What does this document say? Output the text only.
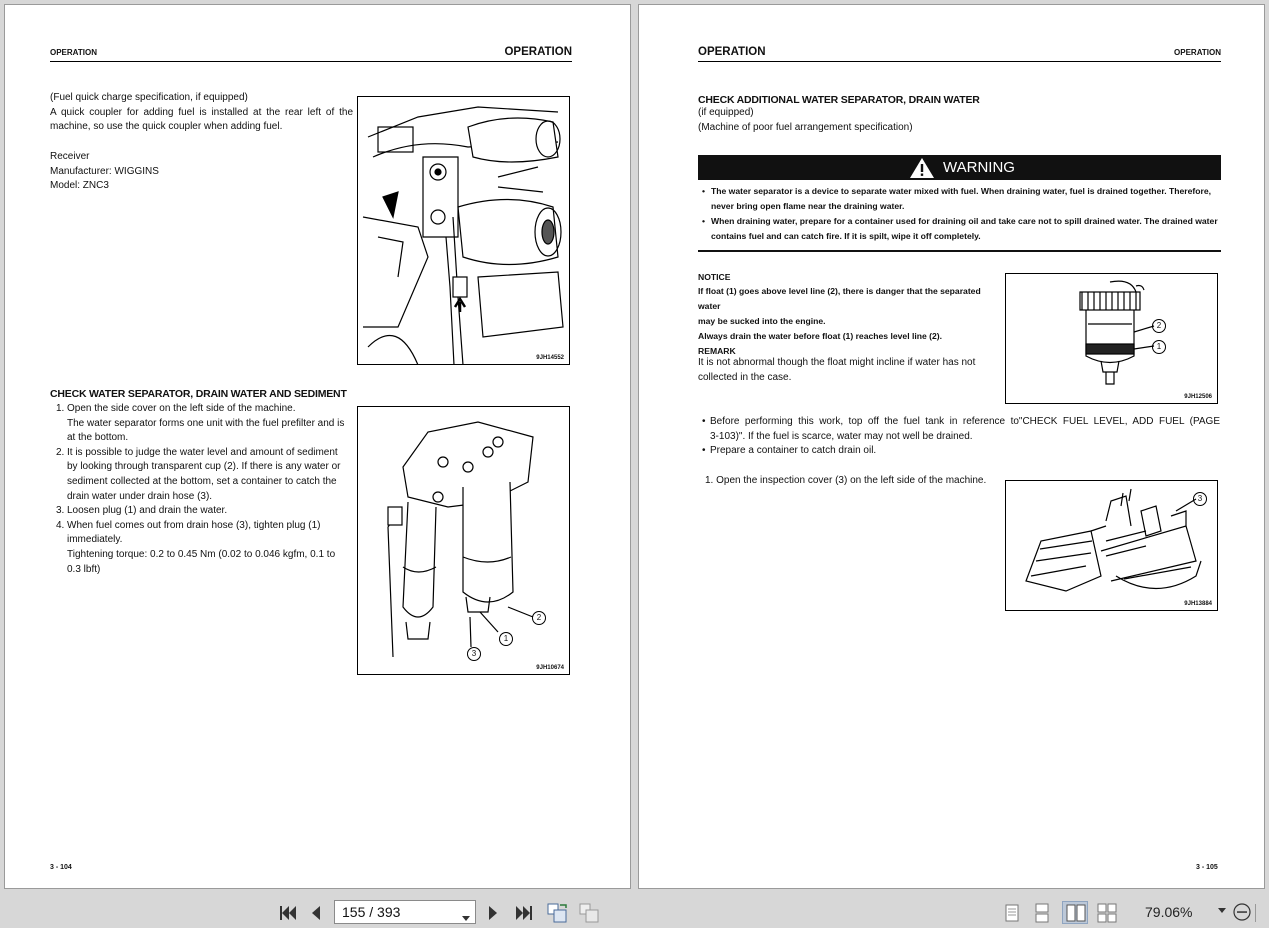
OPERATION	OPERATION
(Fuel quick charge specification, if equipped)
A quick coupler for adding fuel is installed at the rear left of the
machine, so use the quick coupler when adding fuel.
Receiver
Manufacturer: WIGGINS
Model: ZNC3
9JH14552
CHECK WATER SEPARATOR, DRAIN WATER AND SEDIMENT
1. Open the side cover on the left side of the machine.
The water separator forms one unit with the fuel prefilter and is
at the bottom.
2. It is possible to judge the water level and amount of sediment
by looking through transparent cup (2). If there is any water or
sediment collected at the bottom, set a container to catch the
drain water under drain hose (3).
3. Loosen plug (1) and drain the water.
4. When fuel comes out from drain hose (3), tighten plug (1)
immediately.
Tightening torque: 0.2 to 0.45 Nm (0.02 to 0.046 kgfm, 0.1 to
0.3 lbft)
9JH10674
2
1
3
3 - 104
OPERATION	OPERATION
CHECK ADDITIONAL WATER SEPARATOR, DRAIN WATER
(if equipped)
(Machine of poor fuel arrangement specification)
WARNING
• The water separator is a device to separate water mixed with fuel. When draining water, fuel is drained together. Therefore,
never bring open flame near the draining water.
• When draining water, prepare for a container used for draining oil and take care not to spill drained water. The drained water
contains fuel and can catch fire. If it is spilt, wipe it off completely.
NOTICE
If float (1) goes above level line (2), there is danger that the separated water
may be sucked into the engine.
Always drain the water before float (1) reaches level line (2).
REMARK
It is not abnormal though the float might incline if water has not
collected in the case.
2
1
9JH12506
• Before performing this work, top off the fuel tank in reference to"CHECK FUEL LEVEL, ADD FUEL (PAGE
3-103)". If the fuel is scarce, water may not well be drained.
• Prepare a container to catch drain oil.
1. Open the inspection cover (3) on the left side of the machine.
3
9JH13884
3 - 105
155 / 393	79.06%
